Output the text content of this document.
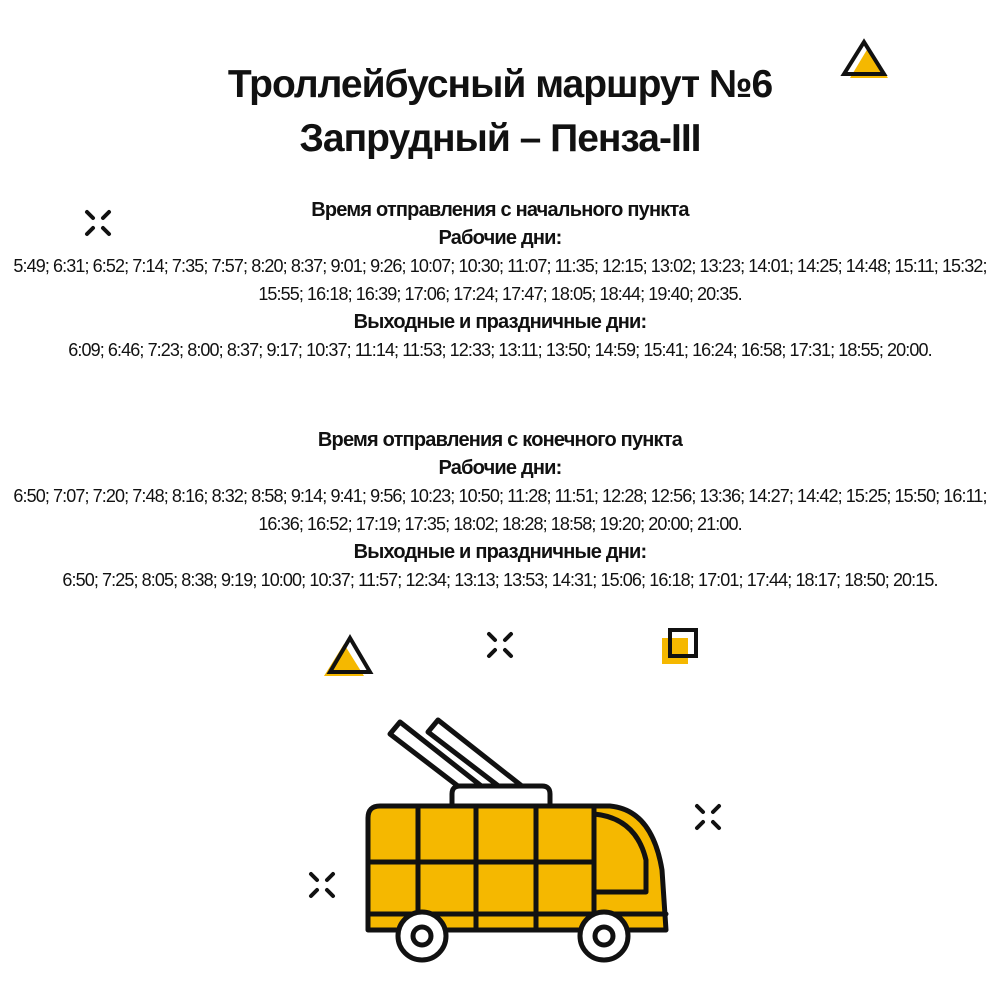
Троллейбусный маршрут №6
Запрудный – Пенза-III
Время отправления с начального пункта
Рабочие дни:
5:49; 6:31; 6:52; 7:14; 7:35; 7:57; 8:20; 8:37; 9:01; 9:26; 10:07; 10:30; 11:07; 11:35; 12:15; 13:02; 13:23; 14:01; 14:25; 14:48; 15:11; 15:32; 15:55; 16:18; 16:39; 17:06; 17:24; 17:47; 18:05; 18:44; 19:40; 20:35.
Выходные и праздничные дни:
6:09; 6:46; 7:23; 8:00; 8:37; 9:17; 10:37; 11:14; 11:53; 12:33; 13:11; 13:50; 14:59; 15:41; 16:24; 16:58; 17:31; 18:55; 20:00.
Время отправления с конечного пункта
Рабочие дни:
6:50; 7:07; 7:20; 7:48; 8:16; 8:32; 8:58; 9:14; 9:41; 9:56; 10:23; 10:50; 11:28; 11:51; 12:28; 12:56; 13:36; 14:27; 14:42; 15:25; 15:50; 16:11; 16:36; 16:52; 17:19; 17:35; 18:02; 18:28; 18:58; 19:20; 20:00; 21:00.
Выходные и праздничные дни:
6:50; 7:25; 8:05; 8:38; 9:19; 10:00; 10:37; 11:57; 12:34; 13:13; 13:53; 14:31; 15:06; 16:18; 17:01; 17:44; 18:17; 18:50; 20:15.
